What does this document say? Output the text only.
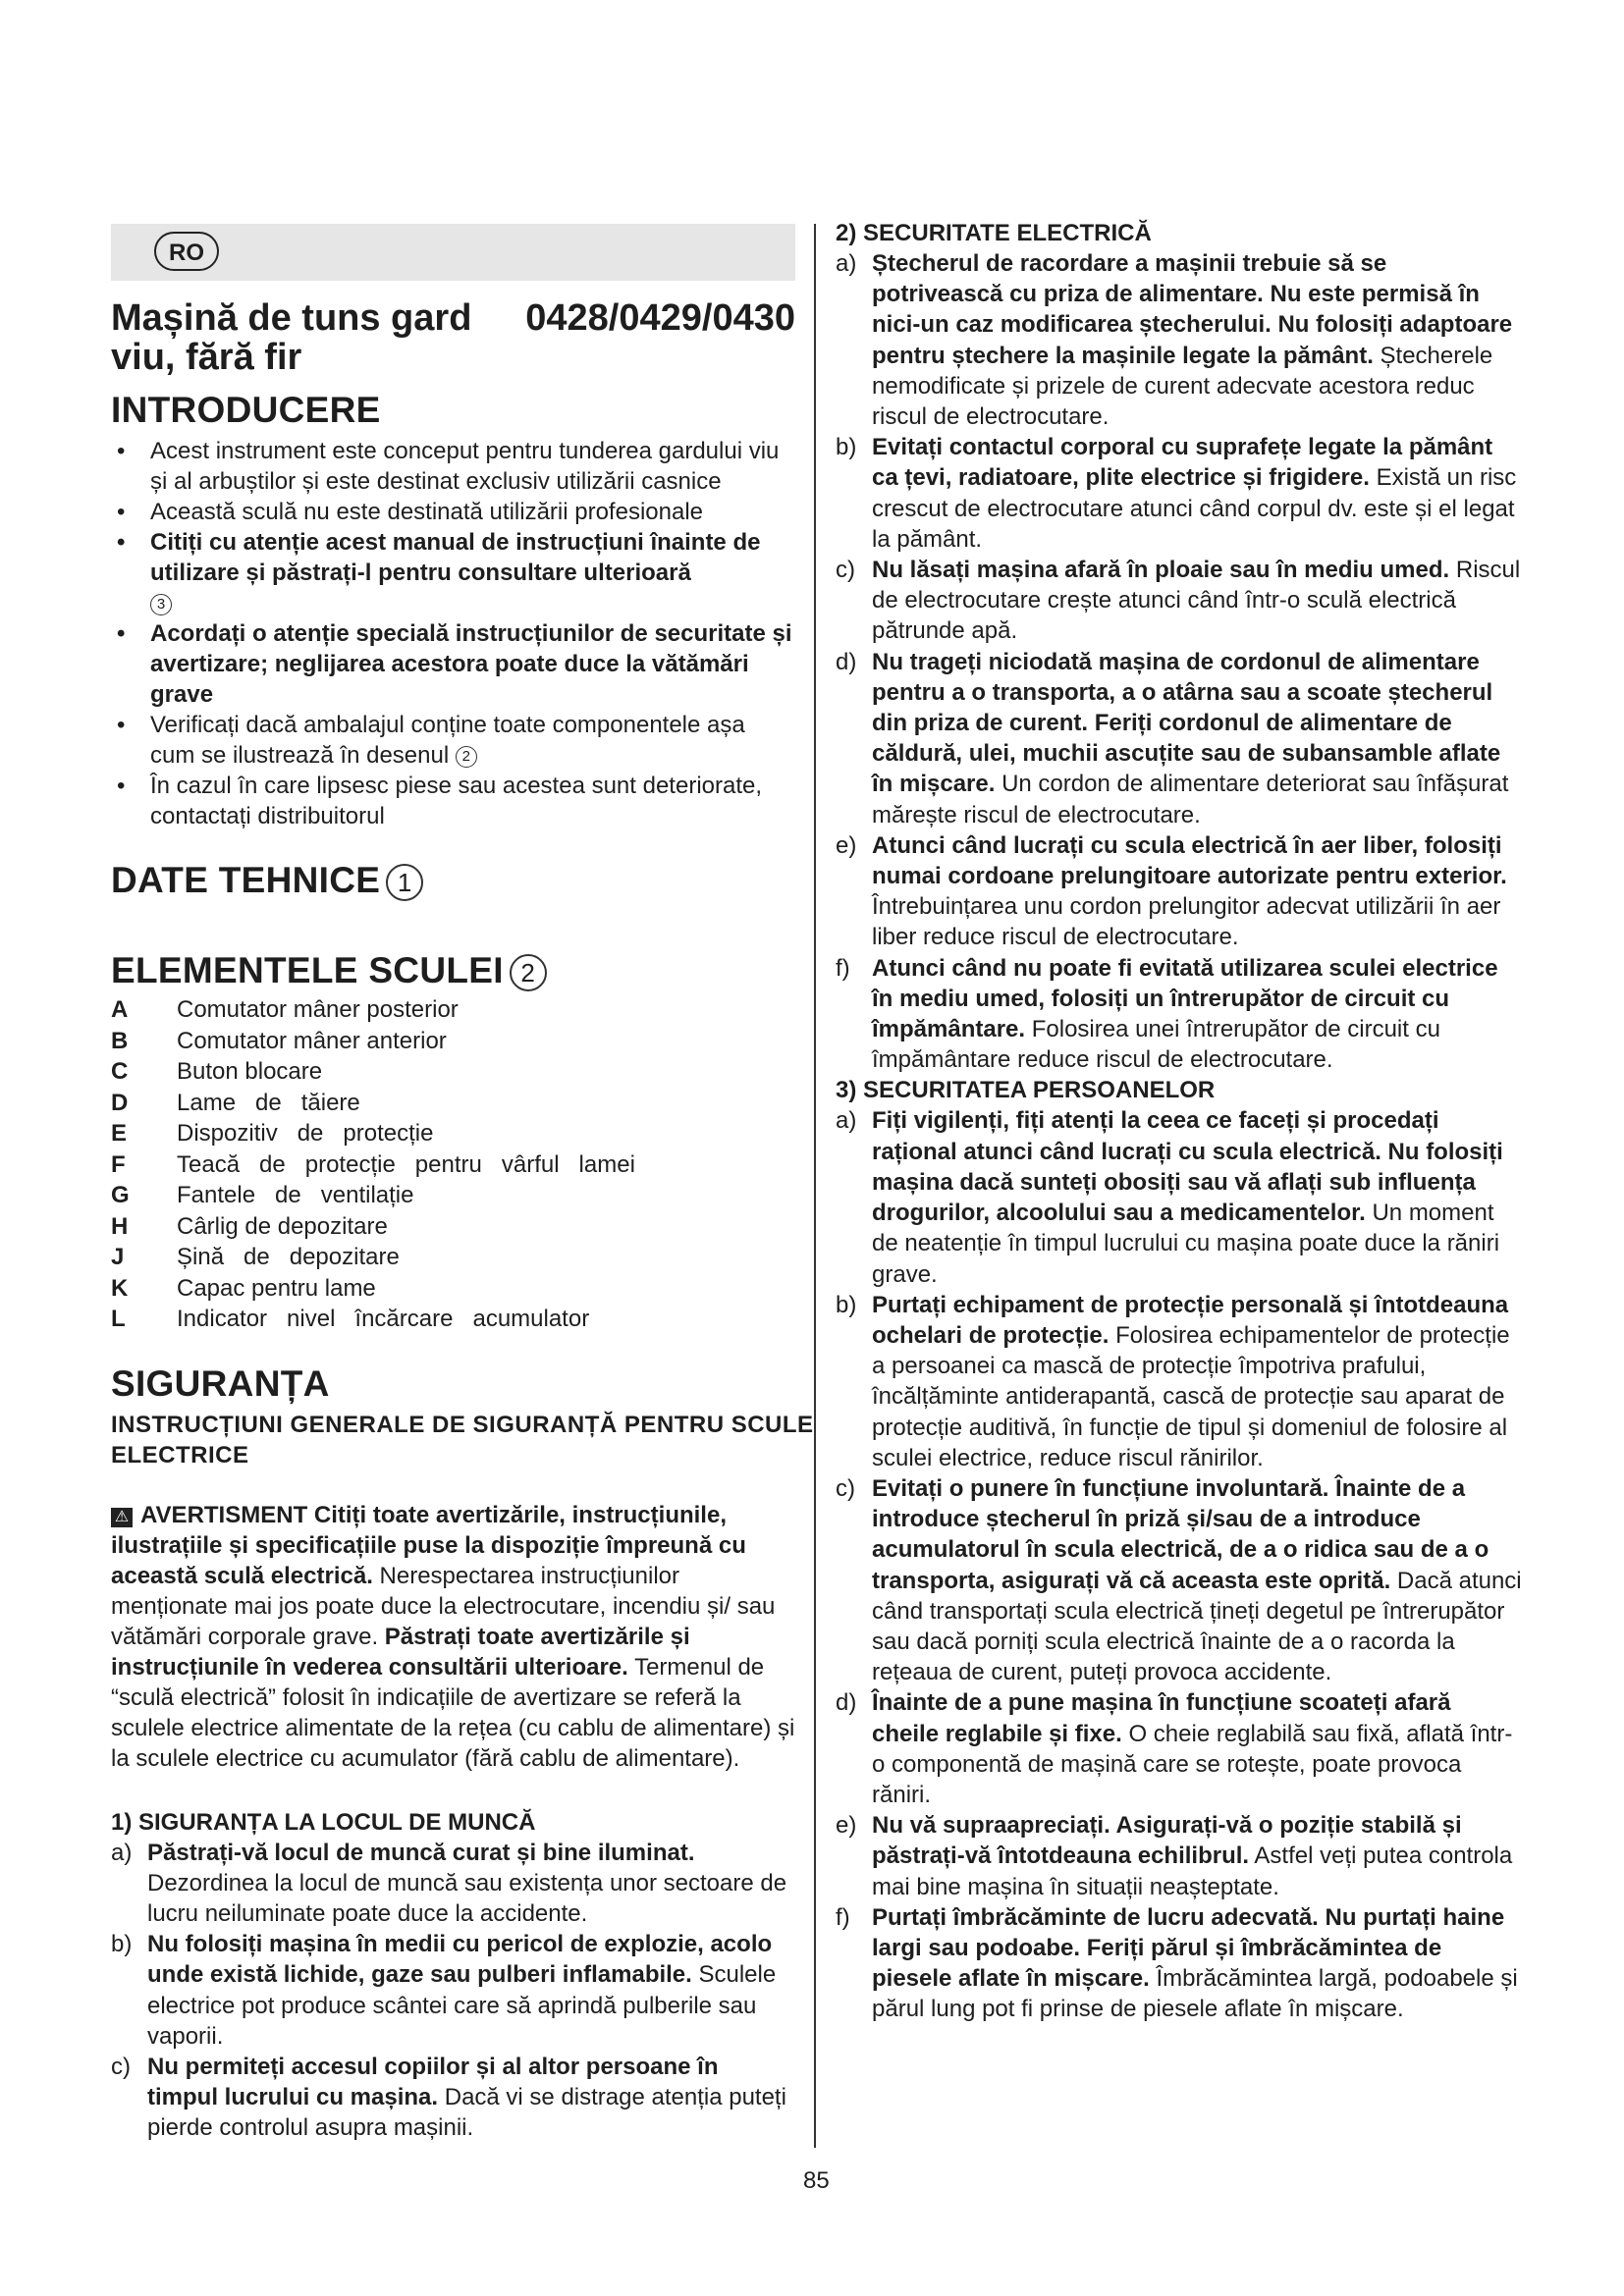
RO
Mașină de tuns gard
viu, fără fir
0428/0429/0430
INTRODUCERE
• Acest instrument este conceput pentru tunderea gardului viu și al arbuștilor și este destinat exclusiv utilizării casnice
• Această sculă nu este destinată utilizării profesionale
• Citiți cu atenție acest manual de instrucțiuni înainte de utilizare și păstrați-l pentru consultare ulterioară
3
• Acordați o atenție specială instrucțiunilor de securitate și avertizare; neglijarea acestora poate duce la vătămări grave
• Verificați dacă ambalajul conține toate componentele așa cum se ilustrează în desenul 2
• În cazul în care lipsesc piese sau acestea sunt deteriorate, contactați distribuitorul
DATE TEHNICE 1
ELEMENTELE SCULEI 2
A	Comutator mâner posterior
B	Comutator mâner anterior
C	Buton blocare
D	Lame   de   tăiere
E	Dispozitiv   de   protecție
F	Teacă   de   protecție   pentru   vârful   lamei
G	Fantele   de   ventilație
H	Cârlig de depozitare
J	Șină   de   depozitare
K	Capac pentru lame
L	Indicator   nivel   încărcare   acumulator
SIGURANȚA
INSTRUCȚIUNI GENERALE DE SIGURANȚĂ PENTRU SCULE ELECTRICE
⚠ AVERTISMENT Citiți toate avertizările, instrucțiunile, ilustrațiile și specificațiile puse la dispoziție împreună cu această sculă electrică. Nerespectarea instrucțiunilor menționate mai jos poate duce la electrocutare, incendiu și/ sau vătămări corporale grave. Păstrați toate avertizările și instrucțiunile în vederea consultării ulterioare. Termenul de “sculă electrică” folosit în indicațiile de avertizare se referă la sculele electrice alimentate de la rețea (cu cablu de alimentare) și la sculele electrice cu acumulator (fără cablu de alimentare).
1) SIGURANȚA LA LOCUL DE MUNCĂ
a) Păstrați-vă locul de muncă curat și bine iluminat. Dezordinea la locul de muncă sau existența unor sectoare de lucru neiluminate poate duce la accidente.
b) Nu folosiți mașina în medii cu pericol de explozie, acolo unde există lichide, gaze sau pulberi inflamabile. Sculele electrice pot produce scântei care să aprindă pulberile sau vaporii.
c) Nu permiteți accesul copiilor și al altor persoane în timpul lucrului cu mașina. Dacă vi se distrage atenția puteți pierde controlul asupra mașinii.
2) SECURITATE ELECTRICĂ
a) Ștecherul de racordare a mașinii trebuie să se potrivească cu priza de alimentare. Nu este permisă în nici-un caz modificarea ștecherului. Nu folosiți adaptoare pentru ștechere la mașinile legate la pământ. Ștecherele nemodificate și prizele de curent adecvate acestora reduc riscul de electrocutare.
b) Evitați contactul corporal cu suprafețe legate la pământ ca țevi, radiatoare, plite electrice și frigidere. Există un risc crescut de electrocutare atunci când corpul dv. este și el legat la pământ.
c) Nu lăsați mașina afară în ploaie sau în mediu umed. Riscul de electrocutare crește atunci când într-o sculă electrică pătrunde apă.
d) Nu trageți niciodată mașina de cordonul de alimentare pentru a o transporta, a o atârna sau a scoate ștecherul din priza de curent. Feriți cordonul de alimentare de căldură, ulei, muchii ascuțite sau de subansamble aflate în mișcare. Un cordon de alimentare deteriorat sau înfășurat mărește riscul de electrocutare.
e) Atunci când lucrați cu scula electrică în aer liber, folosiți numai cordoane prelungitoare autorizate pentru exterior. Întrebuințarea unu cordon prelungitor adecvat utilizării în aer liber reduce riscul de electrocutare.
f) Atunci când nu poate fi evitată utilizarea sculei electrice în mediu umed, folosiți un întrerupător de circuit cu împământare. Folosirea unei întrerupător de circuit cu împământare reduce riscul de electrocutare.
3) SECURITATEA PERSOANELOR
a) Fiți vigilenți, fiți atenți la ceea ce faceți și procedați rațional atunci când lucrați cu scula electrică. Nu folosiți mașina dacă sunteți obosiți sau vă aflați sub influența drogurilor, alcoolului sau a medicamentelor. Un moment de neatenție în timpul lucrului cu mașina poate duce la răniri grave.
b) Purtați echipament de protecție personală și întotdeauna ochelari de protecție. Folosirea echipamentelor de protecție a persoanei ca mască de protecție împotriva prafului, încălțăminte antiderapantă, cască de protecție sau aparat de protecție auditivă, în funcție de tipul și domeniul de folosire al sculei electrice, reduce riscul rănirilor.
c) Evitați o punere în funcțiune involuntară. Înainte de a introduce ștecherul în priză și/sau de a introduce acumulatorul în scula electrică, de a o ridica sau de a o transporta, asigurați vă că aceasta este oprită. Dacă atunci când transportați scula electrică țineți degetul pe întrerupător sau dacă porniți scula electrică înainte de a o racorda la rețeaua de curent, puteți provoca accidente.
d) Înainte de a pune mașina în funcțiune scoateți afară cheile reglabile și fixe. O cheie reglabilă sau fixă, aflată într-o componentă de mașină care se rotește, poate provoca răniri.
e) Nu vă supraapreciați. Asigurați-vă o poziție stabilă și păstrați-vă întotdeauna echilibrul. Astfel veți putea controla mai bine mașina în situații neașteptate.
f) Purtați îmbrăcăminte de lucru adecvată. Nu purtați haine largi sau podoabe. Feriți părul și îmbrăcămintea de piesele aflate în mișcare. Îmbrăcămintea largă, podoabele și părul lung pot fi prinse de piesele aflate în mișcare.
85
